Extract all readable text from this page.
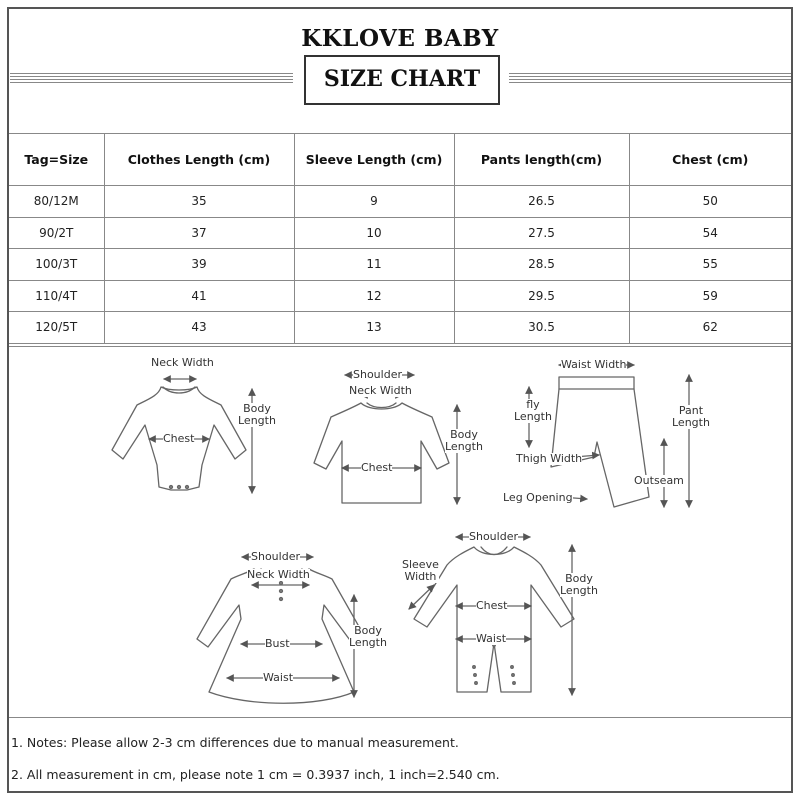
KKLOVE BABY
SIZE CHART
Tag=Size	Clothes Length (cm)	Sleeve Length (cm)	Pants length(cm)	Chest (cm)
80/12M	35	9	26.5	50
90/2T	37	10	27.5	54
100/3T	39	11	28.5	55
110/4T	41	12	29.5	59
120/5T	43	13	30.5	62
Neck Width
Chest
Body
Length
Shoulder
Neck Width
Chest
Body
Length
Waist Width
fly
Length
Thigh Width
Leg Opening
Pant
Length
Outseam
Shoulder
Neck Width
Bust
Waist
Body
Length
Shoulder
Sleeve
Width
Chest
Waist
Body
Length
1. Notes: Please allow 2-3 cm differences due to manual measurement.
2. All measurement in cm, please note 1 cm = 0.3937 inch, 1 inch=2.540 cm.
